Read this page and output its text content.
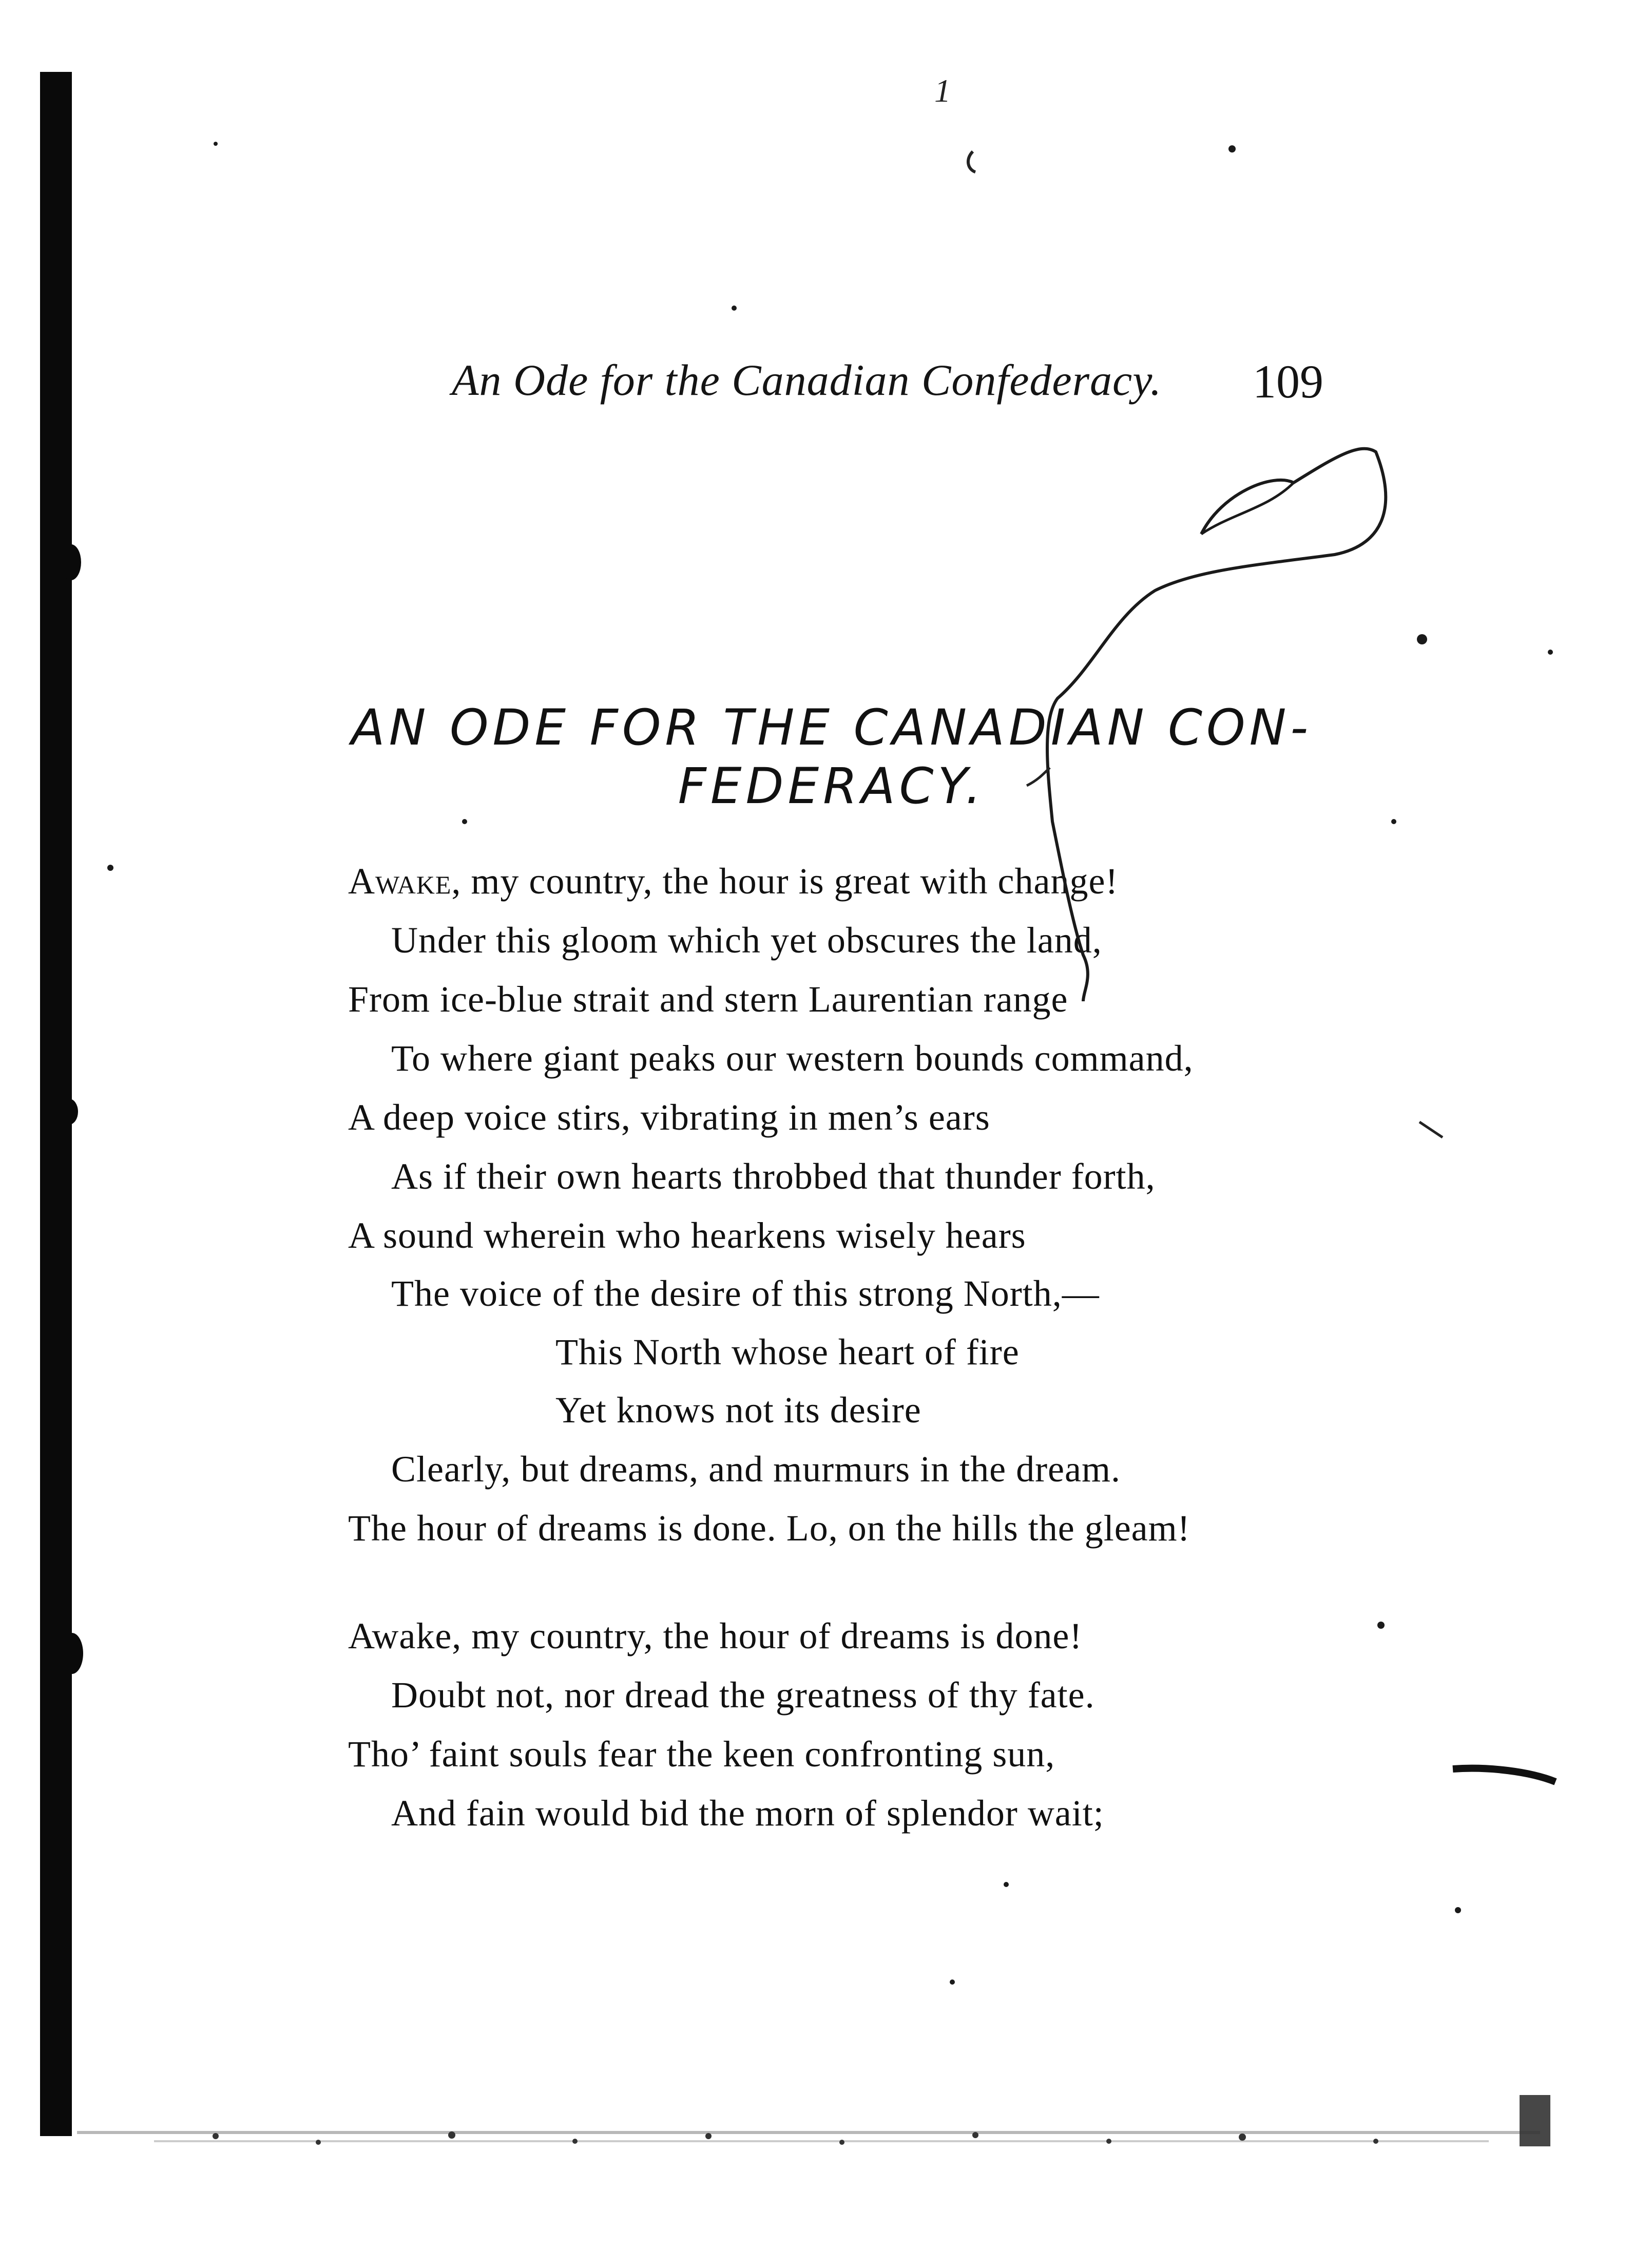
1
An Ode for the Canadian Confederacy. 109
AN ODE FOR THE CANADIAN CON-
FEDERACY.
Awake, my country, the hour is great with change!
Under this gloom which yet obscures the land,
From ice-blue strait and stern Laurentian range
To where giant peaks our western bounds command,
A deep voice stirs, vibrating in men’s ears
As if their own hearts throbbed that thunder forth,
A sound wherein who hearkens wisely hears
The voice of the desire of this strong North,—
This North whose heart of fire
Yet knows not its desire
Clearly, but dreams, and murmurs in the dream.
The hour of dreams is done. Lo, on the hills the gleam!
Awake, my country, the hour of dreams is done!
Doubt not, nor dread the greatness of thy fate.
Tho’ faint souls fear the keen confronting sun,
And fain would bid the morn of splendor wait;
